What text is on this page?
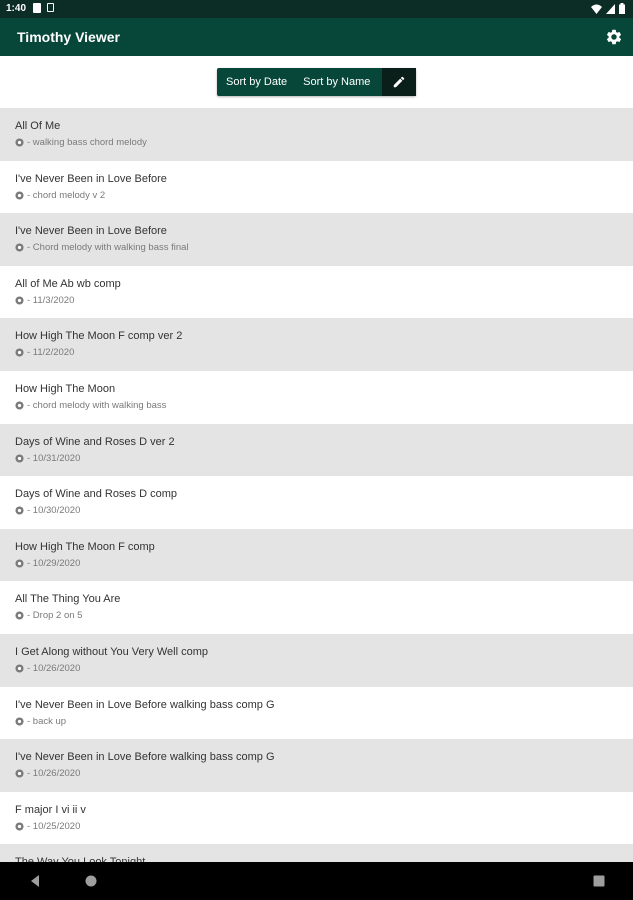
1:40
Timothy Viewer
Sort by Date	Sort by Name
All Of Me
- walking bass chord melody
I've Never Been in Love Before
- chord melody v 2
I've Never Been in Love Before
- Chord melody with walking bass final
All of Me Ab wb comp
- 11/3/2020
How High The Moon F comp ver 2
- 11/2/2020
How High The Moon
- chord melody with walking bass
Days of Wine and Roses D ver 2
- 10/31/2020
Days of Wine and Roses D comp
- 10/30/2020
How High The Moon F comp
- 10/29/2020
All The Thing You Are
- Drop 2 on 5
I Get Along without You Very Well comp
- 10/26/2020
I've Never Been in Love Before walking bass comp G
- back up
I've Never Been in Love Before walking bass comp G
- 10/26/2020
F major I vi ii v
- 10/25/2020
